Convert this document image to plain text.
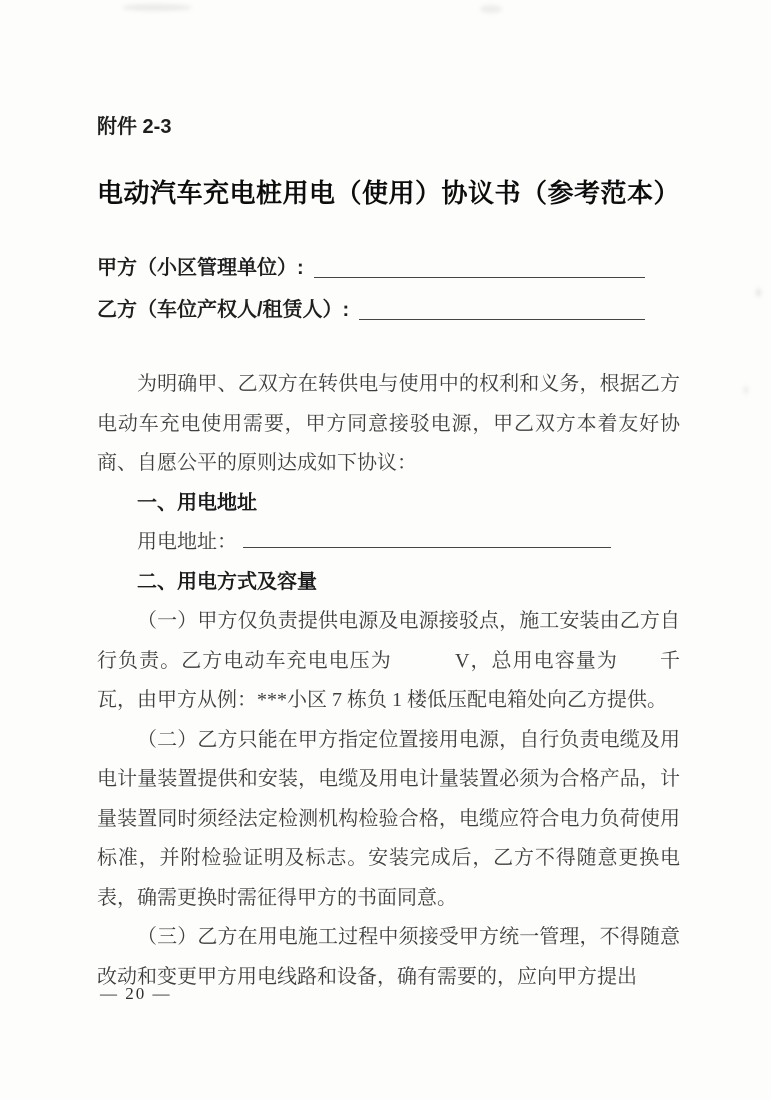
附件 2-3
电动汽车充电桩用电（使用）协议书（参考范本）
甲方（小区管理单位）:
乙方（车位产权人/租赁人）:

为明确甲、乙双方在转供电与使用中的权利和义务，根据乙方电动车充电使用需要，甲方同意接驳电源，甲乙双方本着友好协商、自愿公平的原则达成如下协议：

一、用电地址
用电地址：
二、用电方式及容量

（一）甲方仅负责提供电源及电源接驳点，施工安装由乙方自行负责。乙方电动车充电电压为　　　V，总用电容量为　　千瓦，由甲方从例：***小区 7 栋负 1 楼低压配电箱处向乙方提供。

（二）乙方只能在甲方指定位置接用电源，自行负责电缆及用电计量装置提供和安装，电缆及用电计量装置必须为合格产品，计量装置同时须经法定检测机构检验合格，电缆应符合电力负荷使用标准，并附检验证明及标志。安装完成后，乙方不得随意更换电表，确需更换时需征得甲方的书面同意。

（三）乙方在用电施工过程中须接受甲方统一管理，不得随意改动和变更甲方用电线路和设备，确有需要的，应向甲方提出

— 20 —
